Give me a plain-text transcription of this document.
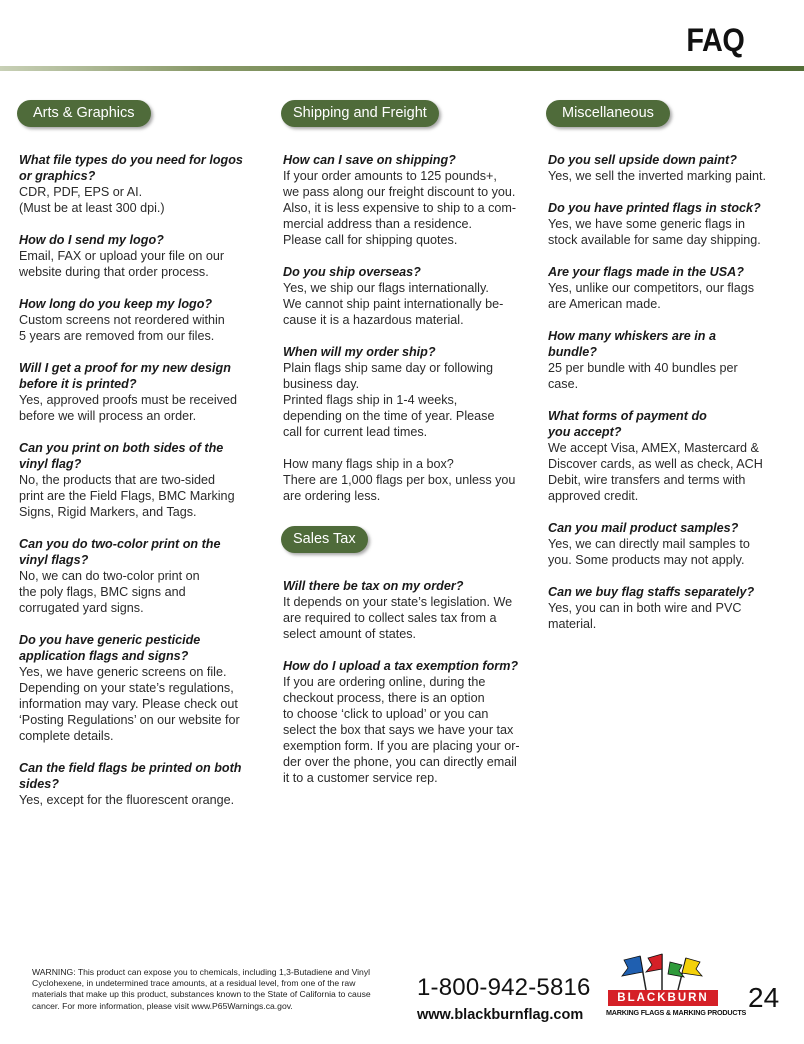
FAQ
Arts & Graphics
What file types do you need for logos
or graphics?
CDR, PDF, EPS or AI.
(Must be at least 300 dpi.)
How do I send my logo?
Email, FAX or upload your file on our
website during that order process.
How long do you keep my logo?
Custom screens not reordered within
5 years are removed from our files.
Will I get a proof for my new design
before it is printed?
Yes, approved proofs must be received
before we will process an order.
Can you print on both sides of the
vinyl flag?
No, the products that are two-sided
print are the Field Flags, BMC Marking
Signs, Rigid Markers, and Tags.
Can you do two-color print on the
vinyl flags?
No, we can do two-color print on
the poly flags, BMC signs and
corrugated yard signs.
Do you have generic pesticide
application flags and signs?
Yes, we have generic screens on file.
Depending on your state’s regulations,
information may vary. Please check out
‘Posting Regulations’ on our website for
complete details.
Can the field flags be printed on both
sides?
Yes, except for the fluorescent orange.
Shipping and Freight
How can I save on shipping?
If your order amounts to 125 pounds+,
we pass along our freight discount to you.
Also, it is less expensive to ship to a com-
mercial address than a residence.
Please call for shipping quotes.
Do you ship overseas?
Yes, we ship our flags internationally.
We cannot ship paint internationally be-
cause it is a hazardous material.
When will my order ship?
Plain flags ship same day or following
business day.
Printed flags ship in 1-4 weeks,
depending on the time of year. Please
call for current lead times.
How many flags ship in a box?
There are 1,000 flags per box, unless you
are ordering less.
Sales Tax
Will there be tax on my order?
It depends on your state’s legislation. We
are required to collect sales tax from a
select amount of states.
How do I upload a tax exemption form?
If you are ordering online, during the
checkout process, there is an option
to choose ‘click to upload’ or you can
select the box that says we have your tax
exemption form. If you are placing your or-
der over the phone, you can directly email
it to a customer service rep.
Miscellaneous
Do you sell upside down paint?
Yes, we sell the inverted marking paint.
Do you have printed flags in stock?
Yes, we have some generic flags in
stock available for same day shipping.
Are your flags made in the USA?
Yes, unlike our competitors, our flags
are American made.
How many whiskers are in a
bundle?
25 per bundle with 40 bundles per
case.
What forms of payment do
you accept?
We accept Visa, AMEX, Mastercard &
Discover cards, as well as check, ACH
Debit, wire transfers and terms with
approved credit.
Can you mail product samples?
Yes, we can directly mail samples to
you. Some products may not apply.
Can we buy flag staffs separately?
Yes, you can in both wire and PVC
material.
WARNING: This product can expose you to chemicals, including 1,3-Butadiene and Vinyl
Cyclohexene, in undetermined trace amounts, at a residual level, from one of the raw
materials that make up this product, substances known to the State of California to cause
cancer. For more information, please visit www.P65Warnings.ca.gov.
1-800-942-5816
www.blackburnflag.com
BLACKBURN
MARKING FLAGS & MARKING PRODUCTS 24
